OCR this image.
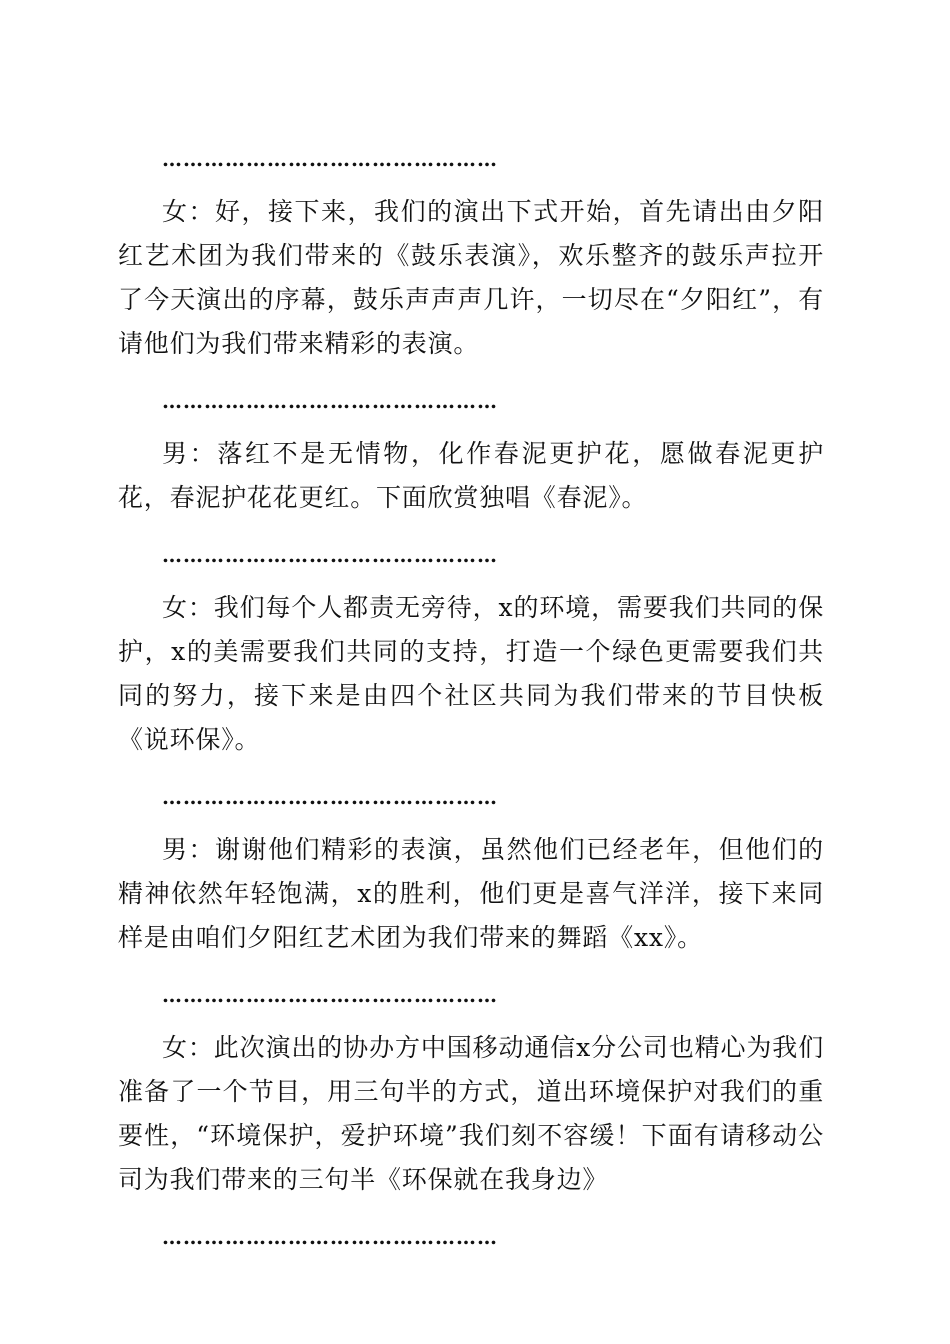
…………………………………………

女：好，接下来，我们的演出下式开始，首先请出由夕阳红艺术团为我们带来的《鼓乐表演》，欢乐整齐的鼓乐声拉开了今天演出的序幕，鼓乐声声声几许，一切尽在“夕阳红”，有请他们为我们带来精彩的表演。

…………………………………………

男：落红不是无情物，化作春泥更护花，愿做春泥更护花，春泥护花花更红。下面欣赏独唱《春泥》。

…………………………………………

女：我们每个人都责无旁待，x的环境，需要我们共同的保护，x的美需要我们共同的支持，打造一个绿色更需要我们共同的努力，接下来是由四个社区共同为我们带来的节目快板《说环保》。

…………………………………………

男：谢谢他们精彩的表演，虽然他们已经老年，但他们的精神依然年轻饱满，x的胜利，他们更是喜气洋洋，接下来同样是由咱们夕阳红艺术团为我们带来的舞蹈《xx》。

…………………………………………

女：此次演出的协办方中国移动通信x分公司也精心为我们准备了一个节目，用三句半的方式，道出环境保护对我们的重要性，“环境保护，爱护环境”我们刻不容缓！下面有请移动公司为我们带来的三句半《环保就在我身边》

…………………………………………
